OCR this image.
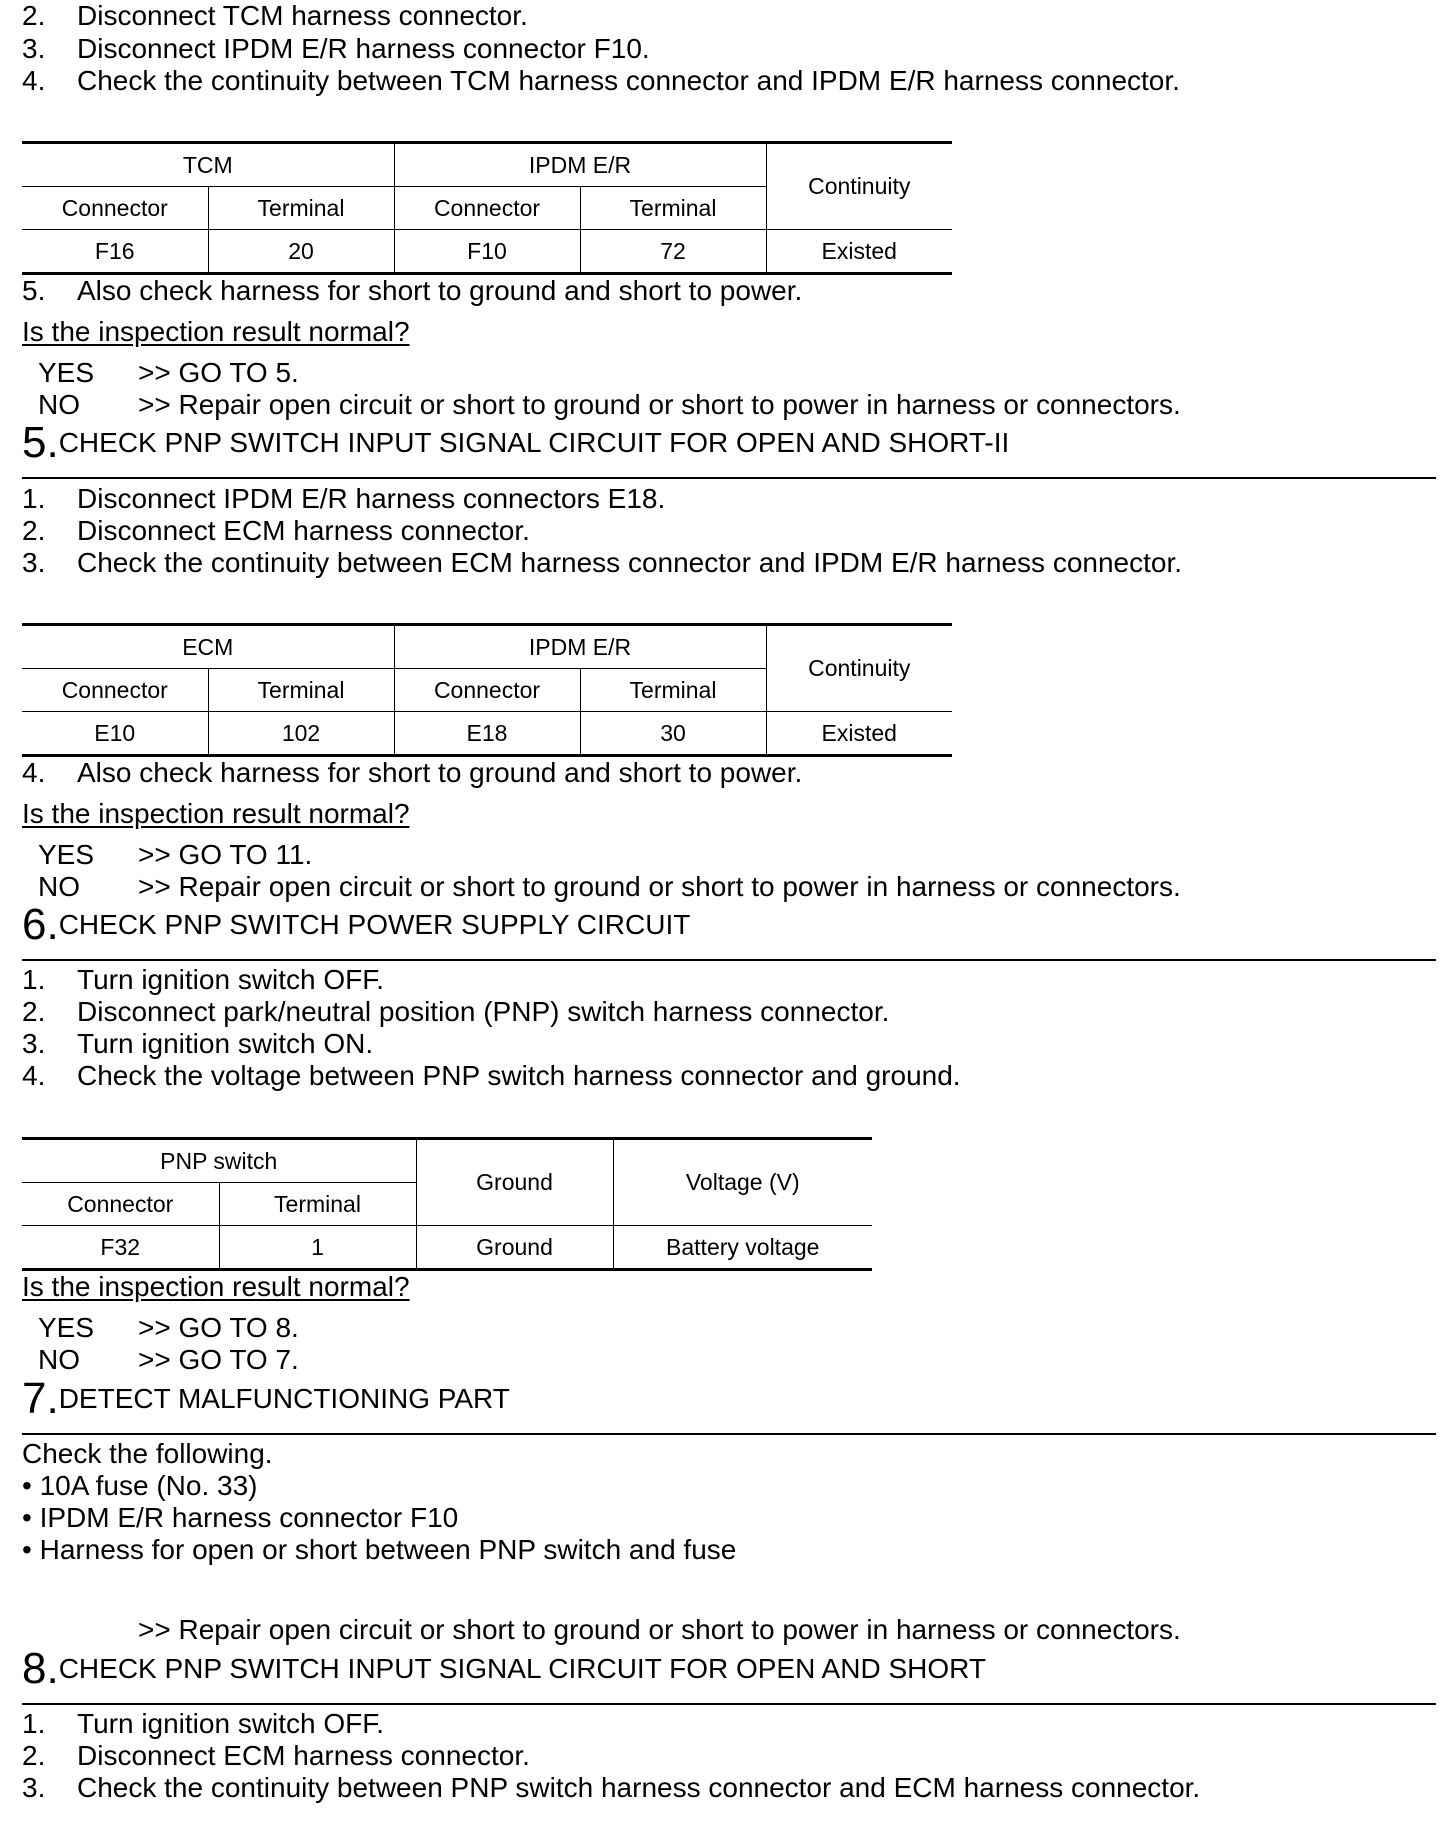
2. Disconnect TCM harness connector.
3. Disconnect IPDM E/R harness connector F10.
4. Check the continuity between TCM harness connector and IPDM E/R harness connector.
TCM		IPDM E/R		Continuity
Connector	Terminal	Connector	Terminal	
F16	20	F10	72	Existed
5. Also check harness for short to ground and short to power.
Is the inspection result normal?
YES >> GO TO 5.
NO >> Repair open circuit or short to ground or short to power in harness or connectors.
5.CHECK PNP SWITCH INPUT SIGNAL CIRCUIT FOR OPEN AND SHORT-II
1. Disconnect IPDM E/R harness connectors E18.
2. Disconnect ECM harness connector.
3. Check the continuity between ECM harness connector and IPDM E/R harness connector.
ECM		IPDM E/R		Continuity
Connector	Terminal	Connector	Terminal	
E10	102	E18	30	Existed
4. Also check harness for short to ground and short to power.
Is the inspection result normal?
YES >> GO TO 11.
NO >> Repair open circuit or short to ground or short to power in harness or connectors.
6.CHECK PNP SWITCH POWER SUPPLY CIRCUIT
1. Turn ignition switch OFF.
2. Disconnect park/neutral position (PNP) switch harness connector.
3. Turn ignition switch ON.
4. Check the voltage between PNP switch harness connector and ground.
PNP switch		Ground	Voltage (V)
Connector	Terminal		
F32	1	Ground	Battery voltage
Is the inspection result normal?
YES >> GO TO 8.
NO >> GO TO 7.
7.DETECT MALFUNCTIONING PART
Check the following.
• 10A fuse (No. 33)
• IPDM E/R harness connector F10
• Harness for open or short between PNP switch and fuse
>> Repair open circuit or short to ground or short to power in harness or connectors.
8.CHECK PNP SWITCH INPUT SIGNAL CIRCUIT FOR OPEN AND SHORT
1. Turn ignition switch OFF.
2. Disconnect ECM harness connector.
3. Check the continuity between PNP switch harness connector and ECM harness connector.
